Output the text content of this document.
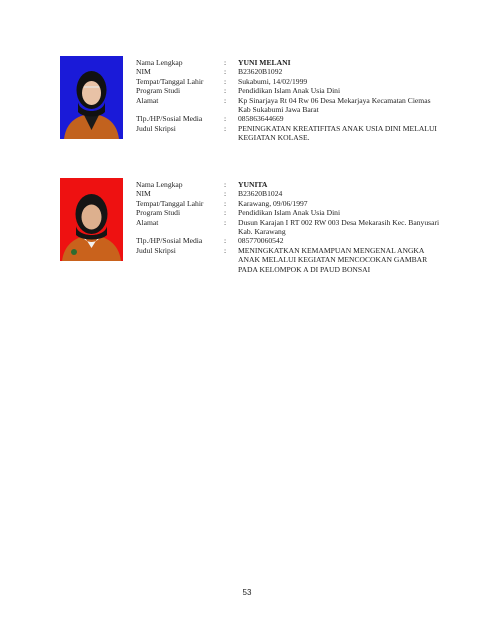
Nama Lengkap	:	YUNI MELANI
NIM	:	B23620B1092
Tempat/Tanggal Lahir	:	Sukabumi, 14/02/1999
Program Studi	:	Pendidikan Islam Anak Usia Dini
Alamat	:	Kp Sinarjaya Rt 04 Rw 06 Desa Mekarjaya Kecamatan Ciemas Kab Sukabumi Jawa Barat
Tlp./HP/Sosial Media	:	085863644669
Judul Skripsi	:	PENINGKATAN KREATIFITAS ANAK USIA DINI MELALUI KEGIATAN KOLASE.
Nama Lengkap	:	YUNITA
NIM	:	B23620B1024
Tempat/Tanggal Lahir	:	Karawang, 09/06/1997
Program Studi	:	Pendidikan Islam Anak Usia Dini
Alamat	:	Dusun Karajan I RT 002 RW 003 Desa Mekarasih Kec. Banyusari Kab. Karawang
Tlp./HP/Sosial Media	:	085770060542
Judul Skripsi	:	MENINGKATKAN KEMAMPUAN MENGENAL ANGKA ANAK MELALUI KEGIATAN MENCOCOKAN GAMBAR PADA KELOMPOK A DI PAUD BONSAI
53
